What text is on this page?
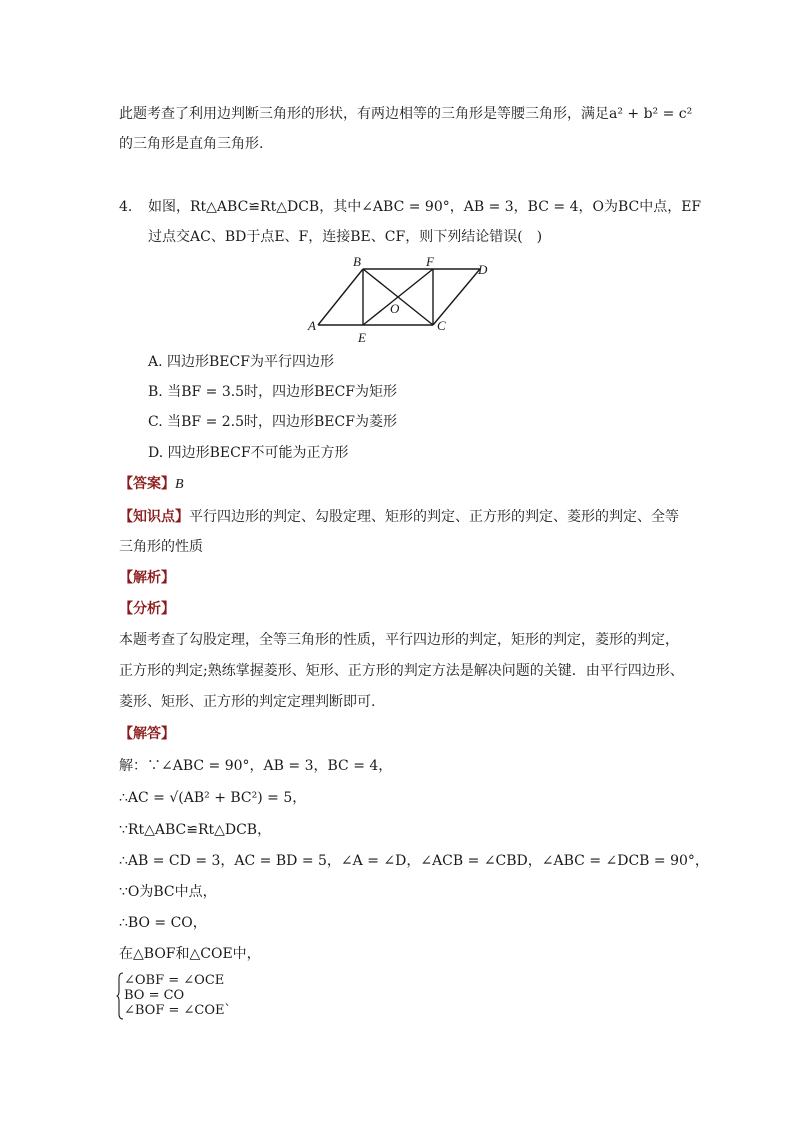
此题考查了利用边判断三角形的形状，有两边相等的三角形是等腰三角形，满足a² + b² = c²
的三角形是直角三角形.
4. 如图，Rt△ABC≌Rt△DCB，其中∠ABC = 90°，AB = 3，BC = 4，O为BC中点，EF
过点交AC、BD于点E、F，连接BE、CF，则下列结论错误(　)
B	F
D
A
E
C
O
A. 四边形BECF为平行四边形
B. 当BF = 3.5时，四边形BECF为矩形
C. 当BF = 2.5时，四边形BECF为菱形
D. 四边形BECF不可能为正方形
【答案】B
【知识点】平行四边形的判定、勾股定理、矩形的判定、正方形的判定、菱形的判定、全等
三角形的性质
【解析】
【分析】
本题考查了勾股定理，全等三角形的性质，平行四边形的判定，矩形的判定，菱形的判定，
正方形的判定;熟练掌握菱形、矩形、正方形的判定方法是解决问题的关键．由平行四边形、
菱形、矩形、正方形的判定定理判断即可.
【解答】
解：∵∠ABC = 90°，AB = 3，BC = 4，
∴AC = √(AB² + BC²) = 5，
∵Rt△ABC≌Rt△DCB，
∴AB = CD = 3，AC = BD = 5，∠A = ∠D，∠ACB = ∠CBD，∠ABC = ∠DCB = 90°，
∵O为BC中点，
∴BO = CO，
在△BOF和△COE中，
∠OBF = ∠OCE
BO = CO
∠BOF = ∠COE`
